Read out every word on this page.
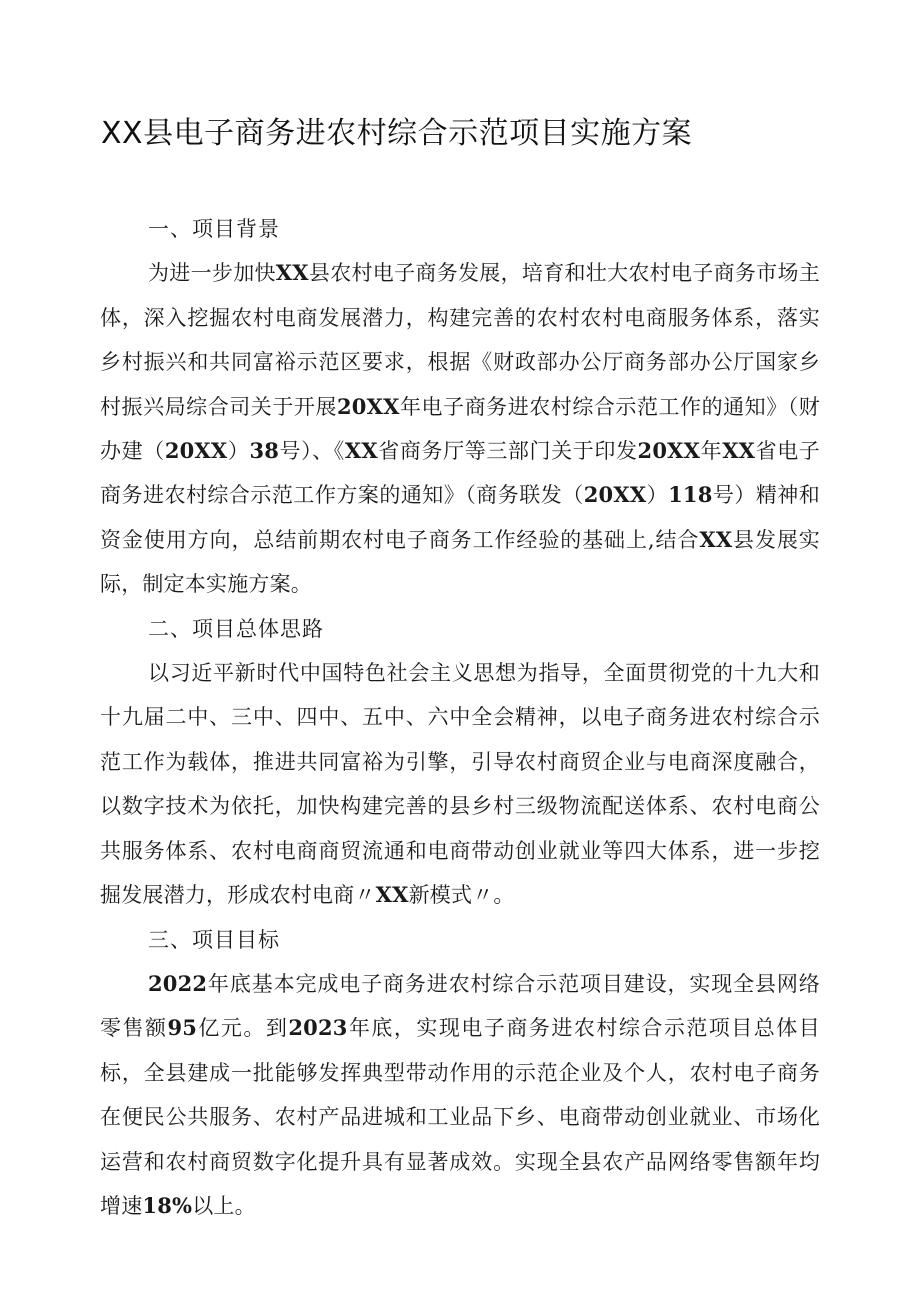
XX县电子商务进农村综合示范项目实施方案

一、项目背景

为进一步加快XX县农村电子商务发展，培育和壮大农村电子商务市场主体，深入挖掘农村电商发展潜力，构建完善的农村农村电商服务体系，落实乡村振兴和共同富裕示范区要求，根据《财政部办公厅商务部办公厅国家乡村振兴局综合司关于开展20XX年电子商务进农村综合示范工作的通知》（财办建（20XX）38号）、《XX省商务厅等三部门关于印发20XX年XX省电子商务进农村综合示范工作方案的通知》（商务联发（20XX）118号）精神和资金使用方向，总结前期农村电子商务工作经验的基础上,结合XX县发展实际，制定本实施方案。

二、项目总体思路

以习近平新时代中国特色社会主义思想为指导，全面贯彻党的十九大和十九届二中、三中、四中、五中、六中全会精神，以电子商务进农村综合示范工作为载体，推进共同富裕为引擎，引导农村商贸企业与电商深度融合，以数字技术为依托，加快构建完善的县乡村三级物流配送体系、农村电商公共服务体系、农村电商商贸流通和电商带动创业就业等四大体系，进一步挖掘发展潜力，形成农村电商〃XX新模式〃。

三、项目目标

2022年底基本完成电子商务进农村综合示范项目建设，实现全县网络零售额95亿元。到2023年底，实现电子商务进农村综合示范项目总体目标，全县建成一批能够发挥典型带动作用的示范企业及个人，农村电子商务在便民公共服务、农村产品进城和工业品下乡、电商带动创业就业、市场化运营和农村商贸数字化提升具有显著成效。实现全县农产品网络零售额年均增速18%以上。
